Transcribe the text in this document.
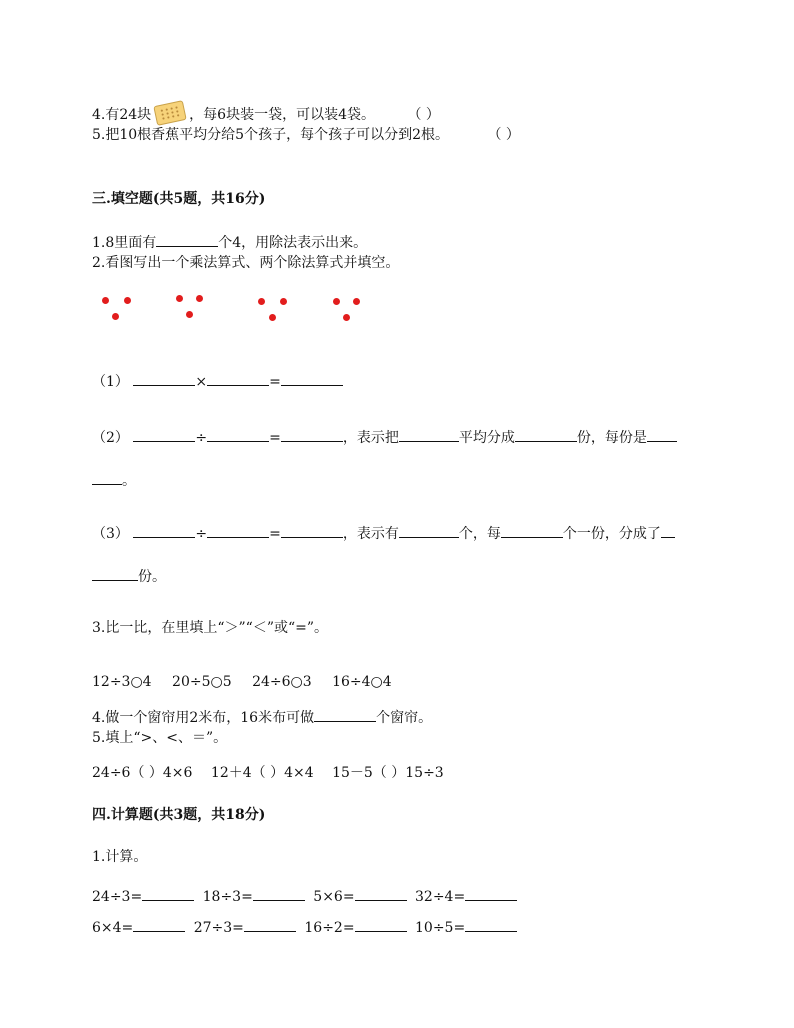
4.有24块	，每6块装一袋，可以装4袋。 （ ）
5.把10根香蕉平均分给5个孩子，每个孩子可以分到2根。	（ ）
三.填空题(共5题，共16分)
1.8里面有	个4，用除法表示出来。
2.看图写出一个乘法算式、两个除法算式并填空。
（1）	×	=
（2）	÷	=	，表示把	平均分成	份，每份是
。
（3）	÷	=	，表示有	个，每	个一份，分成了
份。
3.比一比，在里填上“＞”“＜”或“=”。
12÷3○4 20÷5○5 24÷6○3 16÷4○4
4.做一个窗帘用2米布，16米布可做	个窗帘。
5.填上“>、<、＝”。
24÷6（ ）4×6 12＋4（ ）4×4 15－5（ ）15÷3
四.计算题(共3题，共18分)
1.计算。
24÷3=	18÷3=	5×6=	32÷4=
6×4=	27÷3=	16÷2=	10÷5=
